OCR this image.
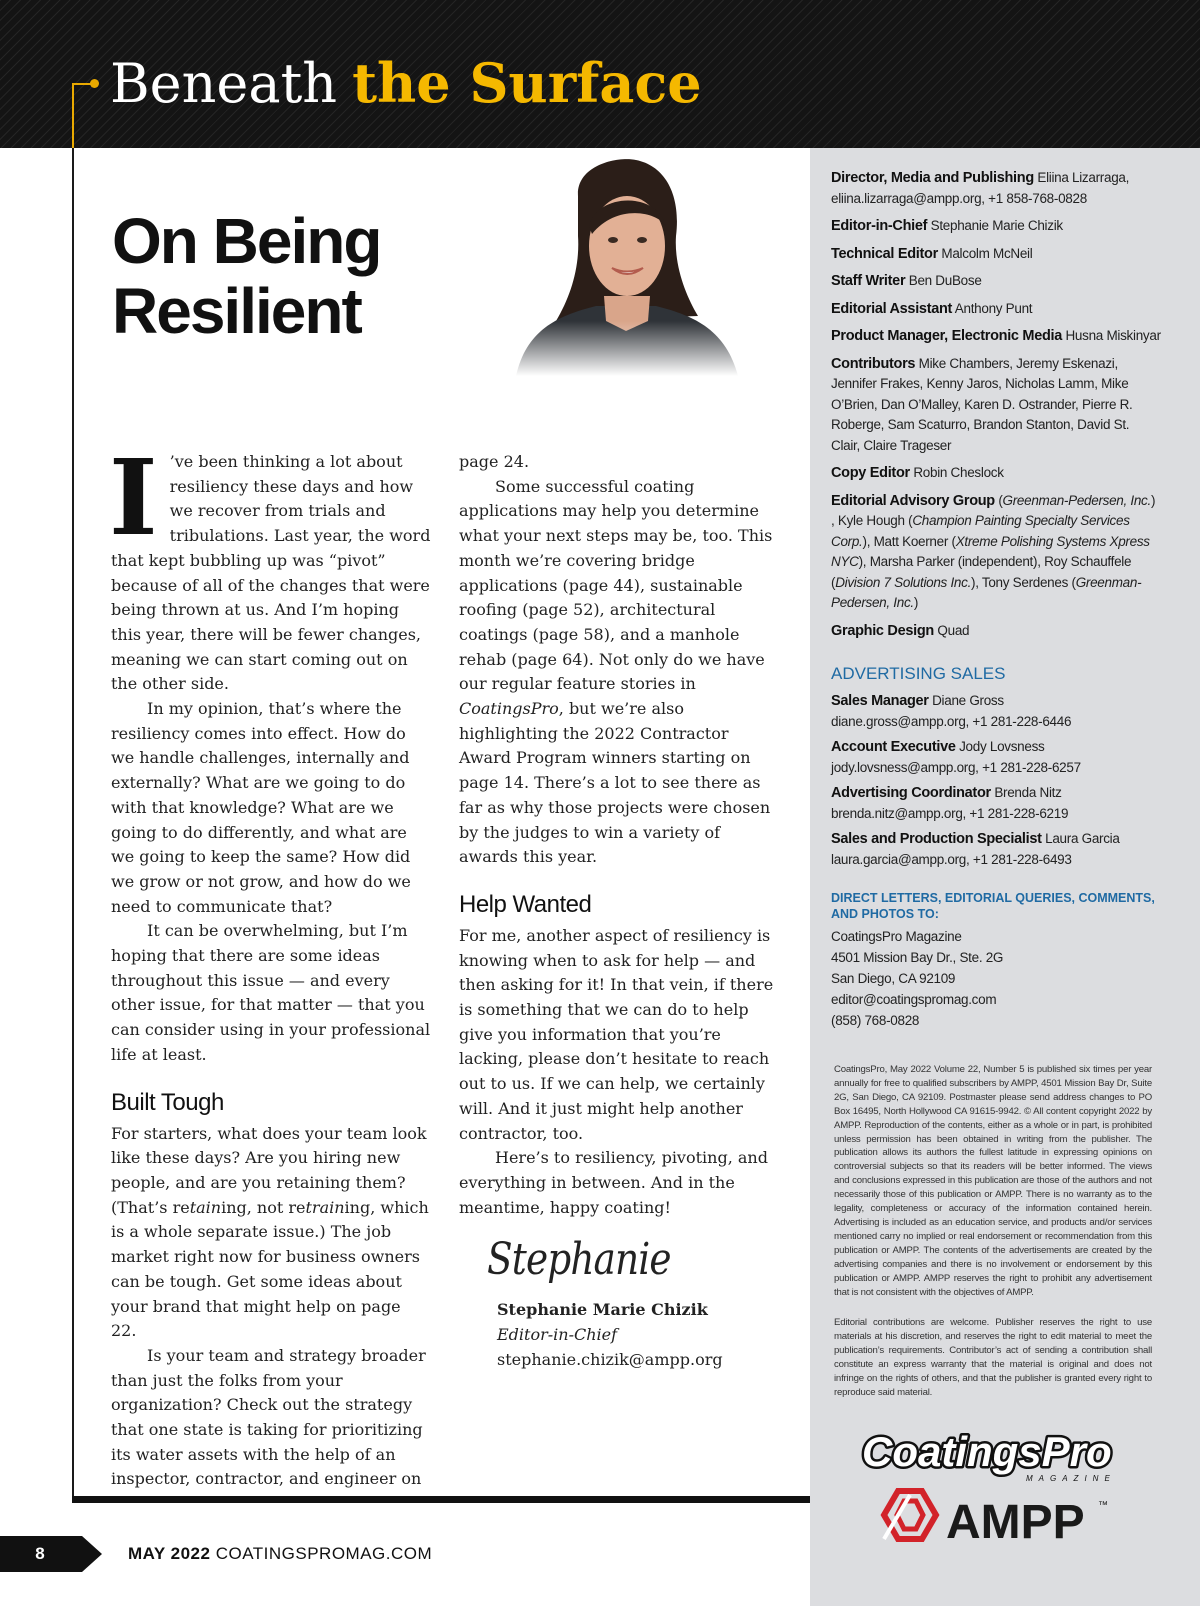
Beneath the Surface
On Being
Resilient
I ’ve been thinking a lot about resiliency these days and how we recover from trials and tribulations. Last year, the word that kept bubbling up was “pivot” because of all of the changes that were being thrown at us. And I’m hoping this year, there will be fewer changes, meaning we can start coming out on the other side.

In my opinion, that’s where the resiliency comes into effect. How do we handle challenges, internally and externally? What are we going to do with that knowledge? What are we going to do differently, and what are we going to keep the same? How did we grow or not grow, and how do we need to communicate that?

It can be overwhelming, but I’m hoping that there are some ideas throughout this issue — and every other issue, for that matter — that you can consider using in your professional life at least.

Built Tough

For starters, what does your team look like these days? Are you hiring new people, and are you retaining them? (That’s retaining, not retraining, which is a whole separate issue.) The job market right now for business owners can be tough. Get some ideas about your brand that might help on page 22.

Is your team and strategy broader than just the folks from your organization? Check out the strategy that one state is taking for prioritizing its water assets with the help of an inspector, contractor, and engineer on

page 24.

Some successful coating applications may help you determine what your next steps may be, too. This month we’re covering bridge applications (page 44), sustainable roofing (page 52), architectural coatings (page 58), and a manhole rehab (page 64). Not only do we have our regular feature stories in CoatingsPro, but we’re also highlighting the 2022 Contractor Award Program winners starting on page 14. There’s a lot to see there as far as why those projects were chosen by the judges to win a variety of awards this year.

Help Wanted

For me, another aspect of resiliency is knowing when to ask for help — and then asking for it! In that vein, if there is something that we can do to help give you information that you’re lacking, please don’t hesitate to reach out to us. If we can help, we certainly will. And it just might help another contractor, too.

Here’s to resiliency, pivoting, and everything in between. And in the meantime, happy coating!

Stephanie
Stephanie Marie Chizik
Editor-in-Chief
stephanie.chizik@ampp.org
Director, Media and Publishing Eliina Lizarraga, eliina.lizarraga@ampp.org, +1 858-768-0828
Editor-in-Chief Stephanie Marie Chizik
Technical Editor Malcolm McNeil
Staff Writer Ben DuBose
Editorial Assistant Anthony Punt
Product Manager, Electronic Media Husna Miskinyar
Contributors Mike Chambers, Jeremy Eskenazi, Jennifer Frakes, Kenny Jaros, Nicholas Lamm, Mike O’Brien, Dan O’Malley, Karen D. Ostrander, Pierre R. Roberge, Sam Scaturro, Brandon Stanton, David St. Clair, Claire Trageser
Copy Editor Robin Cheslock
Editorial Advisory Group (Greenman-Pedersen, Inc.) , Kyle Hough (Champion Painting Specialty Services Corp.), Matt Koerner (Xtreme Polishing Systems Xpress NYC), Marsha Parker (independent), Roy Schauffele (Division 7 Solutions Inc.), Tony Serdenes (Greenman-Pedersen, Inc.)
Graphic Design Quad
ADVERTISING SALES
Sales Manager Diane Gross
diane.gross@ampp.org, +1 281-228-6446
Account Executive Jody Lovsness
jody.lovsness@ampp.org, +1 281-228-6257
Advertising Coordinator Brenda Nitz
brenda.nitz@ampp.org, +1 281-228-6219
Sales and Production Specialist Laura Garcia
laura.garcia@ampp.org, +1 281-228-6493
DIRECT LETTERS, EDITORIAL QUERIES, COMMENTS, AND PHOTOS TO:
CoatingsPro Magazine
4501 Mission Bay Dr., Ste. 2G
San Diego, CA 92109
editor@coatingspromag.com
(858) 768-0828
CoatingsPro, May 2022 Volume 22, Number 5 is published six times per year annually for free to qualified subscribers by AMPP, 4501 Mission Bay Dr, Suite 2G, San Diego, CA 92109. Postmaster please send address changes to PO Box 16495, North Hollywood CA 91615-9942. © All content copyright 2022 by AMPP. Reproduction of the contents, either as a whole or in part, is prohibited unless permission has been obtained in writing from the publisher. The publication allows its authors the fullest latitude in expressing opinions on controversial subjects so that its readers will be better informed. The views and conclusions expressed in this publication are those of the authors and not necessarily those of this publication or AMPP. There is no warranty as to the legality, completeness or accuracy of the information contained herein. Advertising is included as an education service, and products and/or services mentioned carry no implied or real endorsement or recommendation from this publication or AMPP. The contents of the advertisements are created by the advertising companies and there is no involvement or endorsement by this publication or AMPP. AMPP reserves the right to prohibit any advertisement that is not consistent with the objectives of AMPP.
Editorial contributions are welcome. Publisher reserves the right to use materials at his discretion, and reserves the right to edit material to meet the publication’s requirements. Contributor’s act of sending a contribution shall constitute an express warranty that the material is original and does not infringe on the rights of others, and that the publisher is granted every right to reproduce said material.
CoatingsPro
MAGAZINE
AMPP ™
8	MAY 2022 COATINGSPROMAG.COM
